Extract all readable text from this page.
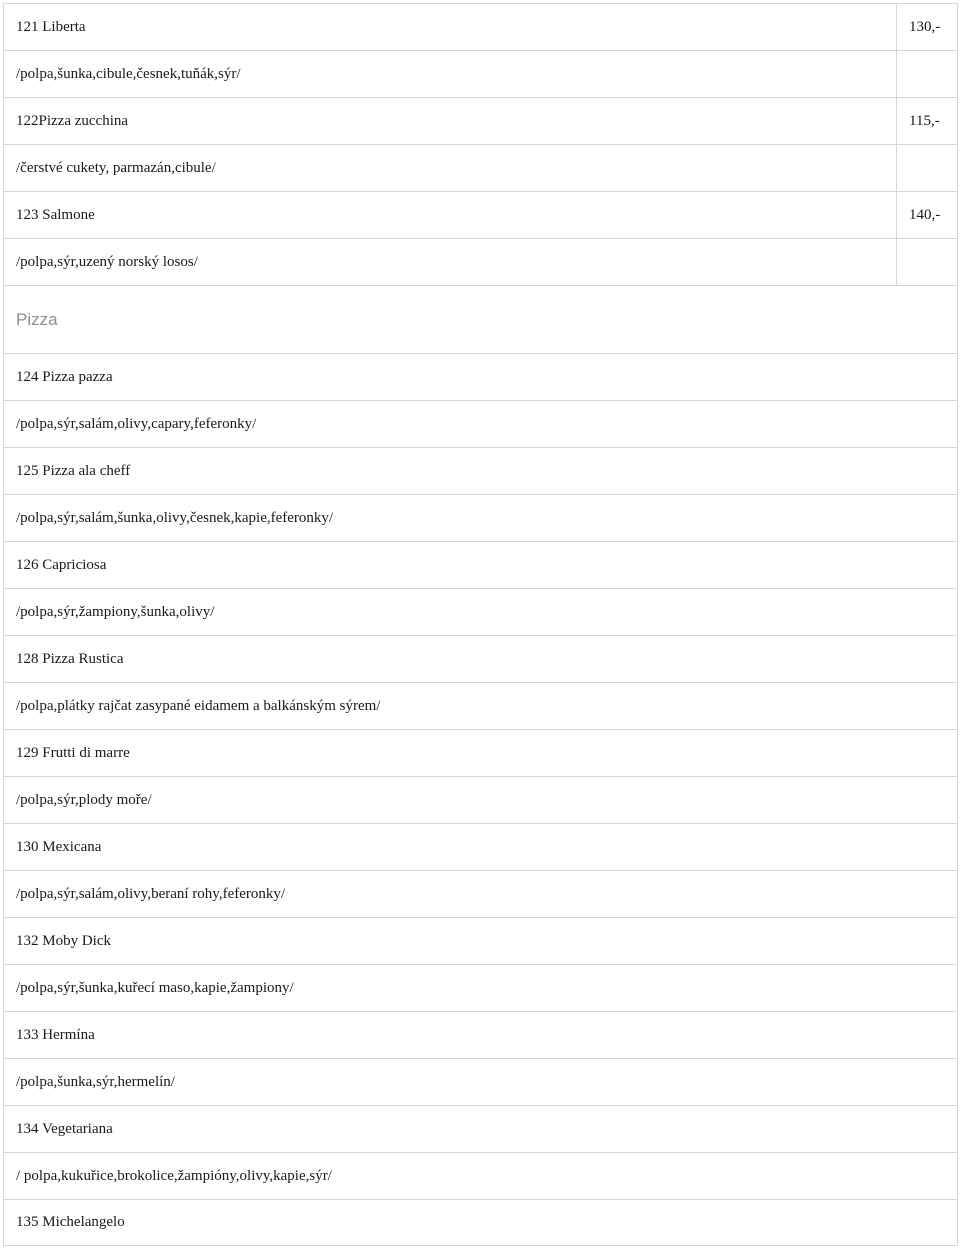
121 Liberta	130,-
/polpa,šunka,cibule,česnek,tuňák,sýr/
122Pizza zucchina	115,-
/čerstvé cukety, parmazán,cibule/
123 Salmone	140,-
/polpa,sýr,uzený norský losos/
Pizza
124 Pizza pazza
/polpa,sýr,salám,olivy,capary,feferonky/
125 Pizza ala cheff
/polpa,sýr,salám,šunka,olivy,česnek,kapie,feferonky/
126 Capriciosa
/polpa,sýr,žampiony,šunka,olivy/
128 Pizza Rustica
/polpa,plátky rajčat zasypané eidamem a balkánským sýrem/
129 Frutti di marre
/polpa,sýr,plody moře/
130 Mexicana
/polpa,sýr,salám,olivy,beraní rohy,feferonky/
132 Moby Dick
/polpa,sýr,šunka,kuřecí maso,kapie,žampiony/
133 Hermína
/polpa,šunka,sýr,hermelín/
134 Vegetariana
/ polpa,kukuřice,brokolice,žampióny,olivy,kapie,sýr/
135 Michelangelo
